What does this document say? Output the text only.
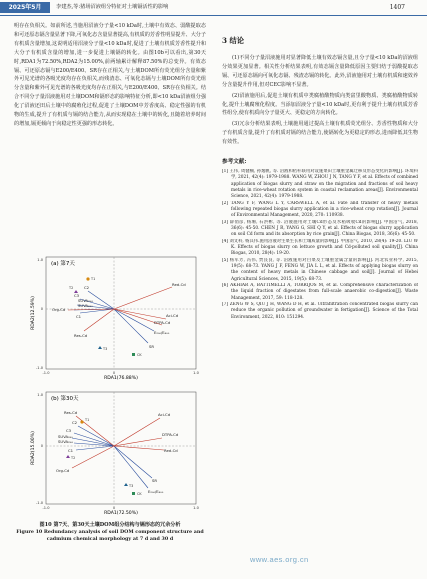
2025年5月	李建杰,等:猪场沼液组分特征对土壤镉活性的影响	1407

明存在负相关。如前所述,当施用沼液分子量<10 kDa时,土壤中有效态、弱酸提取态和可还原态镉含量显著下降,可氧化态含量显著提高,有机质的芳香性明显提升、大分子有机质含量增加,这说明适用沼液分子量<10 kDa时,促进了土壤有机质芳香性提升和大分子有机质含量的增加,进一步促进上壤镉的转化。由图10b可以看出,第30天时,RDA1为72.50%,RDA2为15.00%,前两轴累计解释87.50%的总变异。有效态镉、可还原态镉与E200/E400、SR存在正相关,与土壤DOM所有荧光组分含量和紫外可见光谱的各吸光度均存在负相关,而残渣态、可氧化态镉与土壤DOM所有荧光组分含量和紫外可见光谱的各吸光度均存在正相关,与E200/E400、SR存在负相关。结合不同分子量沼液施用对土壤DOM和镉形态的影响特征分析,即<10 kDa沼液组分强化了沼液还田后土壤中的腐殖化过程,促进了土壤DOM中芳香度高、稳定性强的有机物的生成,提升了有机质与镉的结合能力,从而实现稳在土壤中的转化,且随着培养时间的增加,镉更倾向于向稳定性更强的形态转化。

(a) 第7天
RDA2(12.59%)
RDA1(76.88%)
1.0
0
-1.0
-1.0	0	1.0
C2
C3
SUVA₂₅₄
SUVA₂₆₀
C1
Org-Cd
Res-Cd
Red-Cd
Aci-Cd
DTPA-Cd
E₂₀₀/E₄₀₀
SR
CK
T1
T2
T3
(b) 第30天
RDA2(15.00%)
RDA1(72.50%)
1.0
0
-1.0
-1.0	0	1.0
Res-Cd
C2
C3
SUVA₂₆₀
SUVA₂₅₄
C1
Org-Cd
Aci-Cd
DTPA-Cd
Red-Cd
SR
E₂₀₀/E₄₀₀
CK
T1
T2
T3
图10 第7天、第30天土壤DOM组分结构与镉形态的冗余分析
Figure 10 Redundancy analysis of soil DOM component structure and cadmium chemical morphology at 7 d and 30 d
3 结论

(1)不同分子量沼液施用对显著降低土壤有效态镉含量,且分子量<10 kDa的沼液组分效果更加显著。相关性分析结果表明,有效态镉含量降低原因主要归结于弱酸提取态镉、可还原态镉向可氧化态镉、残渣态镉的转化。此外,沼液施用对土壤有机质和速效养分含量提升作用,但对CEC影响不显著。

(2)沼液施用后,促进土壤有机质中类腐植酸物质向类富里酸物质、类腐植酸物质转化,提升土壤腐殖化程度。当添加沼液分子量<10 kDa时,更有利于提升土壤有机质芳香性组分,使有机质向分子量更大、更稳定的方向转化。

(3)冗余分析结果表明,土壤施用通过提高土壤有机质荧光组分、芳香性物质和大分子有机质含量,提升了有机质对镉的结合能力,使镉转化为更稳定的形态,进而降低其生物有效性。

参考文献:

[1] 王伟, 周健楠, 孙逸帆, 等. 沼液和秸秆联用对设施菜田土壤重金属迁移及形态变化的影响[J]. 环境科学, 2021, 42(4): 1979-1988. WANG W, ZHOU J N, TANG Y F, et al. Effects of combined application of biogas slurry and straw on the migration and fractions of soil heavy metals in rice-wheat rotation system in coastal reclamation areas[J]. Environmental Science, 2021, 42(4): 1979-1988.

[2] TANG Y F, WANG L Y, CARSWELL A, et al. Fate and transfer of heavy metals following repeated biogas slurry application in a rice-wheat crop rotation[J]. Journal of Environmental Management, 2020, 270: 110938.

[3] 薛俏彦, 杨珊, 石洪彬, 等. 沼液施用对土壤Cd形态及水稻吸收Cd的影响[J]. 中国沼气, 2018, 36(6): 45-50. CHEN J R, YANG G, SHI Q Y, et al. Effects of biogas slurry application on soil Cd form and its absorption by rice grain[J]. China Biogas, 2018, 36(6): 45-50.

[4] 刘文科, 杨其伟.施用沼液对生菜生长和土壤质量的影响[J]. 中国沼气, 2010, 28(4): 19-20. LIU W K. Effects of biogas slurry on lettuce growth and Cd-polluted soil quality[J]. China Biogas, 2010, 28(4): 19-20.

[5] 杨军芳, 冯伟, 贾良良, 等. 沼液施用对白菜及土壤重金属含量的影响[J]. 河北农业科学, 2015, 19(5): 68-73. YANG J F, FENG W, JIA L L, et al. Effects of applying biogas slurry on the content of heavy metals in Chinese cabbage and soil[J]. Journal of Hebei Agricultural Sciences, 2015, 19(5): 68-73.

[6] AKHIAR A, BATTIMELLI A, TORRIJOS M, et al. Comprehensive characterization of the liquid fraction of digestates from full-scale anaerobic co-digestion[J]. Waste Management, 2017, 59: 118-128.

[7] ZENG W S, QIU J H, WANG D H, et al. Ultrafiltration concentrated biogas slurry can reduce the organic pollution of groundwater in fertigation[J]. Science of the Total Environment, 2022, 810: 151294.

www.aes.org.cn
